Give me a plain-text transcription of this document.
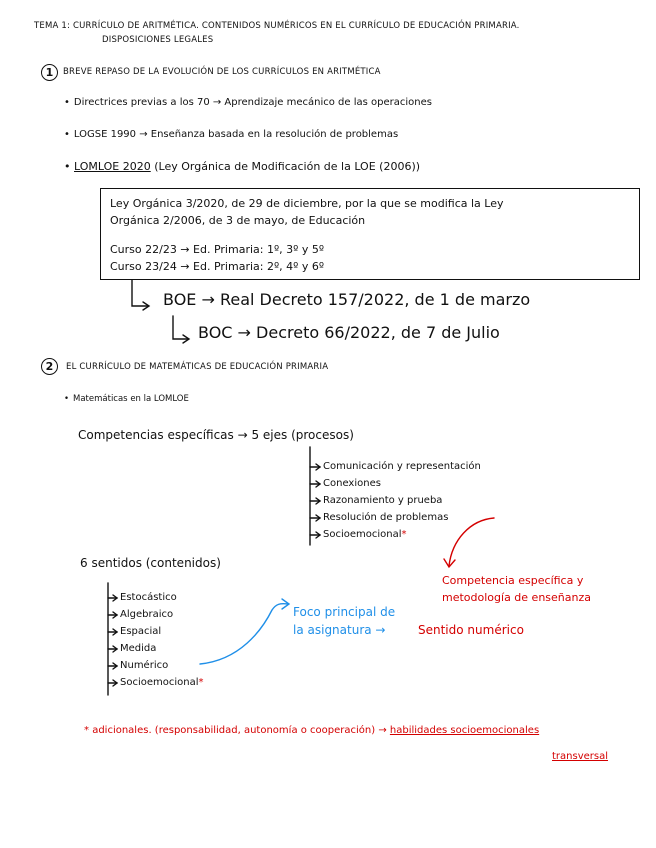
TEMA 1: CURRÍCULO DE ARITMÉTICA. CONTENIDOS NUMÉRICOS EN EL CURRÍCULO DE EDUCACIÓN PRIMARIA.
DISPOSICIONES LEGALES
1	BREVE REPASO DE LA EVOLUCIÓN DE LOS CURRÍCULOS EN ARITMÉTICA
• Directrices previas a los 70 → Aprendizaje mecánico de las operaciones
• LOGSE 1990 → Enseñanza basada en la resolución de problemas
• LOMLOE 2020 (Ley Orgánica de Modificación de la LOE (2006))
Ley Orgánica 3/2020, de 29 de diciembre, por la que se modifica la Ley
Orgánica 2/2006, de 3 de mayo, de Educación
Curso 22/23 → Ed. Primaria: 1º, 3º y 5º
Curso 23/24 → Ed. Primaria: 2º, 4º y 6º
BOE → Real Decreto 157/2022, de 1 de marzo
BOC → Decreto 66/2022, de 7 de Julio
2	EL CURRÍCULO DE MATEMÁTICAS DE EDUCACIÓN PRIMARIA
• Matemáticas en la LOMLOE
Competencias específicas → 5 ejes (procesos)
Comunicación y representación
Conexiones
Razonamiento y prueba
Resolución de problemas
Socioemocional*
Competencia específica y
metodología de enseñanza
6 sentidos (contenidos)
Estocástico
Algebraico
Espacial
Medida
Numérico
Socioemocional*
Foco principal de
la asignatura →	Sentido numérico
* adicionales. (responsabilidad, autonomía o cooperación) → habilidades socioemocionales
transversal
